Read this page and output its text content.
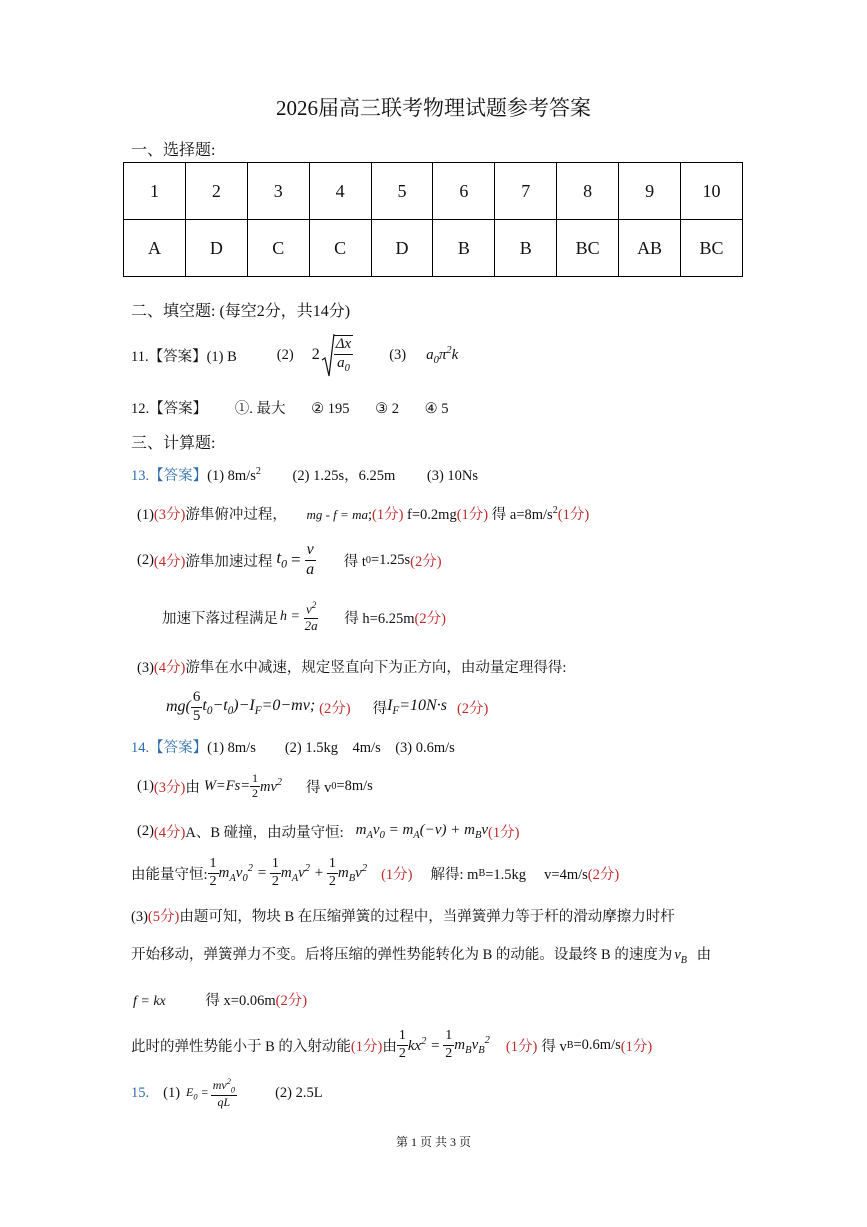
2026届高三联考物理试题参考答案
一、选择题:
1	2	3	4	5	6	7	8	9	10
A	D	C	C	D	B	B	BC	AB	BC
二、填空题: (每空2分，共14分)
11.【答案】(1) B	(2) $2 \frac{\Delta x}{a_0} (3)$ $a_0\pi^2k$
12.【答案】 ①. 最大 ② 195 ③ 2 ④ 5
三、计算题:
13.【答案】(1) $8m/s^2$ (2) 1.25s，6.25m (3) 10Ns
(1)(3分)游隼俯冲过程， mg - f = ma;(1分) f=0.2mg(1分) 得 $a=8m/s^2(1$分)
(2) (4分) 游隼加速过程 $t_0 = \frac{v}{a}$ 得 t 0 =1.25s (2分)
加速下落过程满足 $h = \frac{v^2}{2a}$ 得 h=6.25m (2分)
(3)(4分)游隼在水中减速，规定竖直向下为正方向，由动量定理得得:
$mg( \frac{6}{5} t_0-t_0)-I_F=0-mv$; (2分) 得 $I_F=10N\cdot s$ (2分)
14.【答案】(1) 8m/s　　(2) 1.5kg　4m/s　(3) 0.6m/s
(1) (3分) 由 $W=Fs= \frac{1}{2} mv^2$ 得 v 0 =8m/s
(2) (4分) A、B 碰撞，由动量守恒: $m_Av_0 = m_A(-v) + m_Bv$ (1分)
由能量守恒: $\frac{1}{2} m_Av_0^2 = \frac{1}{2} m_Av^2 + \frac{1}{2} m_Bv^2$ (1分) 解得: m B =1.5kg　 v=4m/s (2分)
(3)(5分)由题可知，物块 B 在压缩弹簧的过程中，当弹簧弹力等于杆的滑动摩擦力时杆
开始移动，弹簧弹力不变。后将压缩的弹性势能转化为 B 的动能。设最终 B 的速度为 $v_B$ 由
f = kx	得 x=0.06m(2分)
此时的弹性势能小于 B 的入射动能 (1分) 由 $\frac{1}{2} kx^2 = \frac{1}{2} m_Bv_B^2$ (1分) 得 v B =0.6m/s (1分)
15. (1) $E_0 = \frac{mv^2_0}{qL}$	(2) 2.5L
第 1 页 共 3 页
